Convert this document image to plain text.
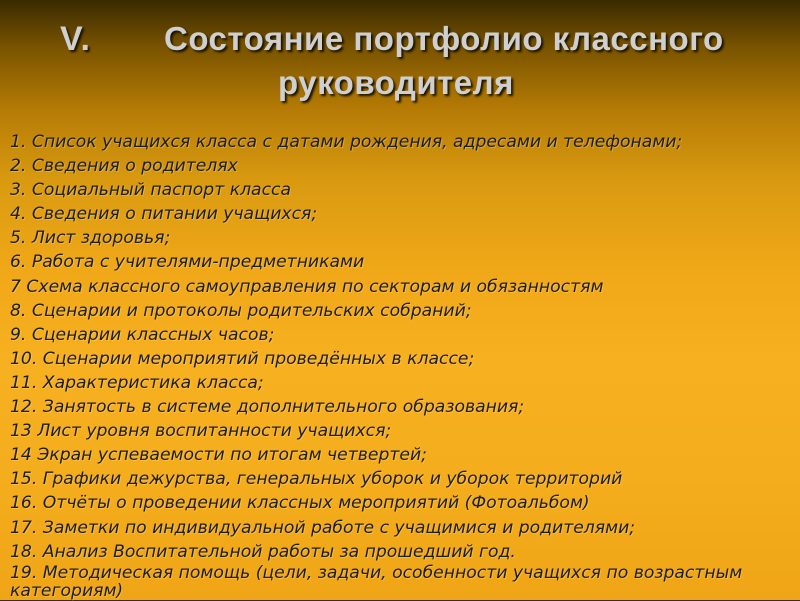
V. Состояние портфолио классного
руководителя
1. Список учащихся класса с датами рождения, адресами и телефонами;
2. Сведения о родителях
3. Социальный паспорт класса
4. Сведения о питании учащихся;
5. Лист здоровья;
6. Работа с учителями-предметниками
7 Схема классного самоуправления по секторам и обязанностям
8. Сценарии и протоколы родительских собраний;
9. Сценарии классных часов;
10. Сценарии мероприятий проведённых в классе;
11. Характеристика класса;
12. Занятость в системе дополнительного образования;
13 Лист уровня воспитанности учащихся;
14 Экран успеваемости по итогам четвертей;
15. Графики дежурства, генеральных уборок и уборок территорий
16. Отчёты о проведении классных мероприятий (Фотоальбом)
17. Заметки по индивидуальной работе с учащимися и родителями;
18. Анализ Воспитательной работы за прошедший год.
19. Методическая помощь (цели, задачи, особенности учащихся по возрастным категориям)
